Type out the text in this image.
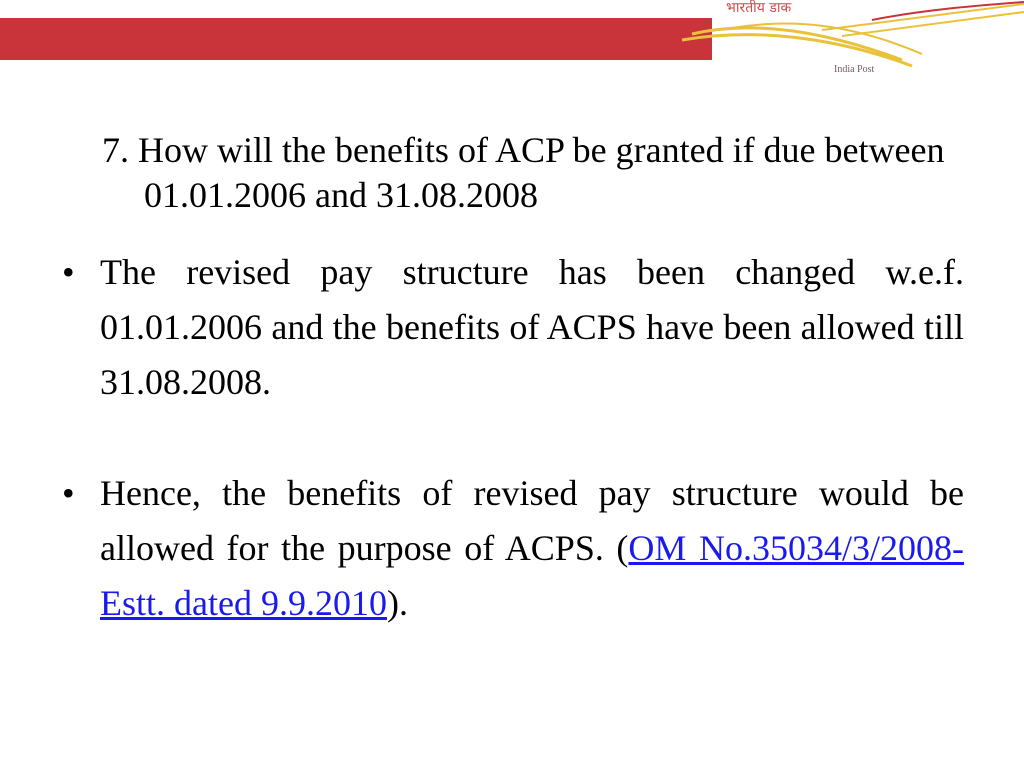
भारतीय डाक
India Post
7. How will the benefits of ACP be granted if due between 01.01.2006 and 31.08.2008
• The revised pay structure has been changed w.e.f. 01.01.2006 and the benefits of ACPS have been allowed till 31.08.2008.
• Hence, the benefits of revised pay structure would be allowed for the purpose of ACPS. (OM No.35034/3/2008-Estt. dated 9.9.2010).
